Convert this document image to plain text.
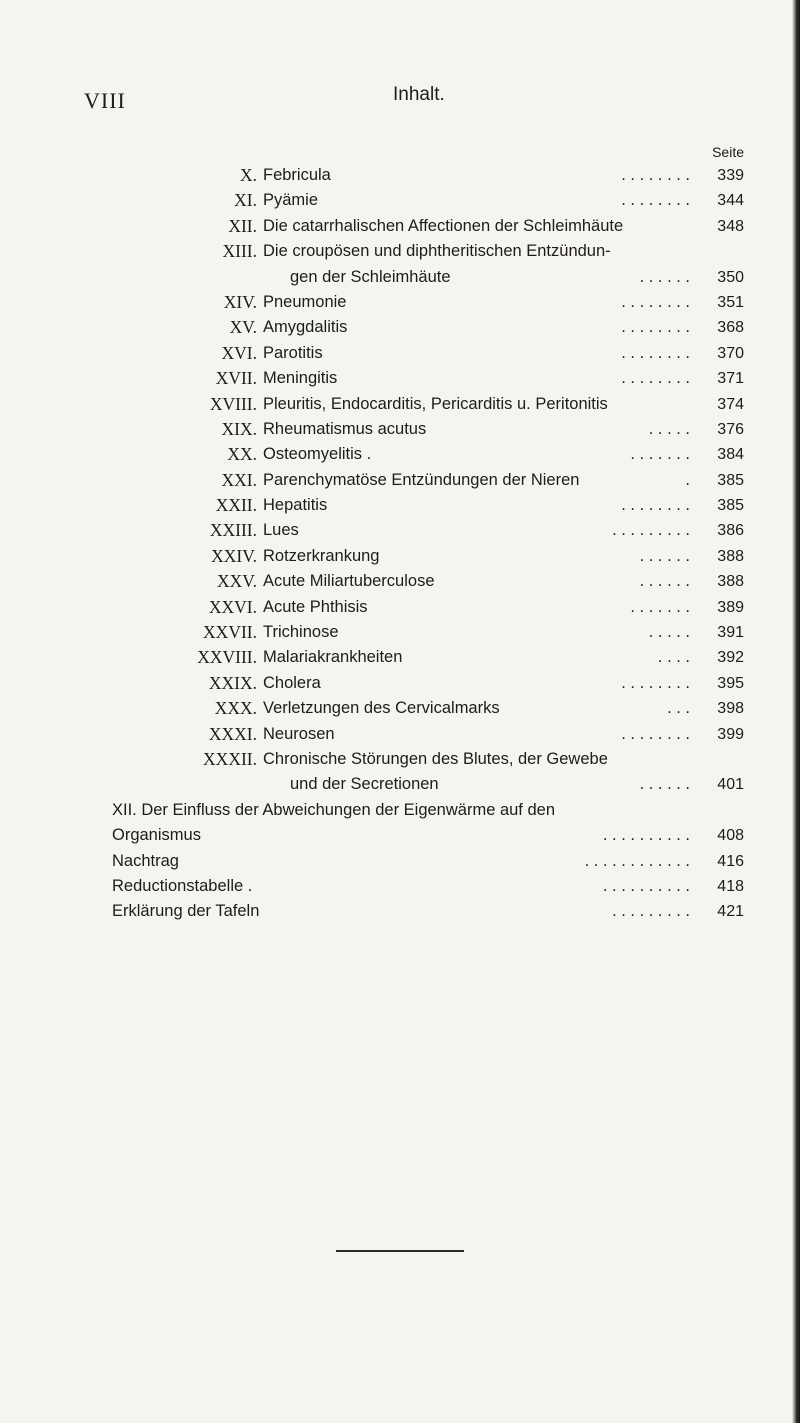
VIII	Inhalt.
Seite
X. Febricula	. . . . . . . .	339
XI. Pyämie	. . . . . . . .	344
XII. Die catarrhalischen Affectionen der Schleimhäute	348
XIII. Die croupösen und diphtheritischen Entzündun-
gen der Schleimhäute	. . . . . .	350
XIV. Pneumonie	. . . . . . . .	351
XV. Amygdalitis	. . . . . . . .	368
XVI. Parotitis	. . . . . . . .	370
XVII. Meningitis	. . . . . . . .	371
XVIII. Pleuritis, Endocarditis, Pericarditis u. Peritonitis	374
XIX. Rheumatismus acutus	. . . . .	376
XX. Osteomyelitis .	. . . . . . .	384
XXI. Parenchymatöse Entzündungen der Nieren	.	385
XXII. Hepatitis	. . . . . . . .	385
XXIII. Lues	. . . . . . . . .	386
XXIV. Rotzerkrankung	. . . . . .	388
XXV. Acute Miliartuberculose	. . . . . .	388
XXVI. Acute Phthisis	. . . . . . .	389
XXVII. Trichinose	. . . . .	391
XXVIII. Malariakrankheiten	. . . .	392
XXIX. Cholera	. . . . . . . .	395
XXX. Verletzungen des Cervicalmarks	. . .	398
XXXI. Neurosen	. . . . . . . .	399
XXXII. Chronische Störungen des Blutes, der Gewebe
und der Secretionen	. . . . . .	401
XII. Der Einfluss der Abweichungen der Eigenwärme auf den
Organismus	. . . . . . . . . .	408
Nachtrag	. . . . . . . . . . . .	416
Reductionstabelle .	. . . . . . . . . .	418
Erklärung der Tafeln	. . . . . . . . .	421
